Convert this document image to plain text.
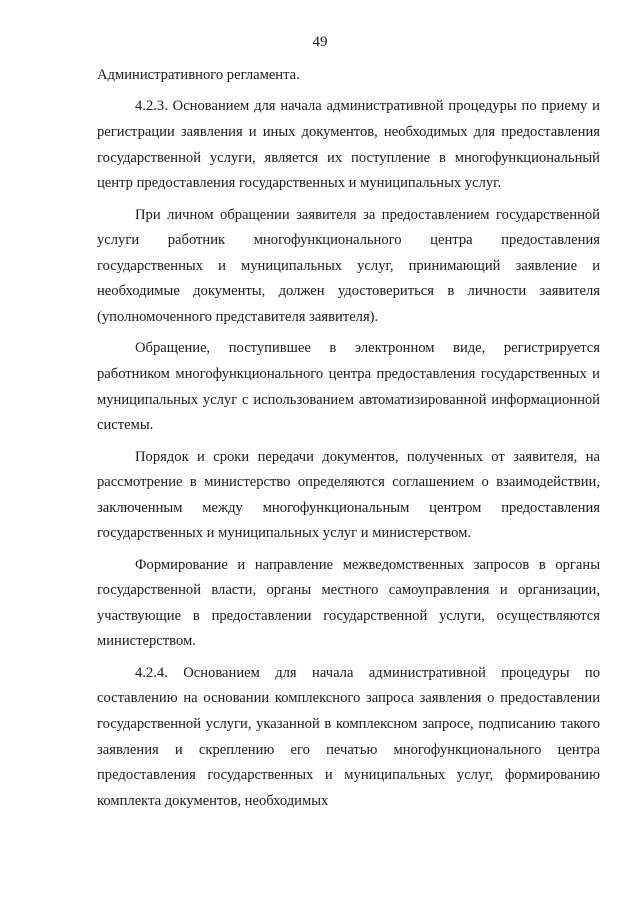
49

Административного регламента.

4.2.3. Основанием для начала административной процедуры по приему и регистрации заявления и иных документов, необходимых для предоставления государственной услуги, является их поступление в многофункциональный центр предоставления государственных и муниципальных услуг.

При личном обращении заявителя за предоставлением государственной услуги работник многофункционального центра предоставления государственных и муниципальных услуг, принимающий заявление и необходимые документы, должен удостовериться в личности заявителя (уполномоченного представителя заявителя).

Обращение, поступившее в электронном виде, регистрируется работником многофункционального центра предоставления государственных и муниципальных услуг с использованием автоматизированной информационной системы.

Порядок и сроки передачи документов, полученных от заявителя, на рассмотрение в министерство определяются соглашением о взаимодействии, заключенным между многофункциональным центром предоставления государственных и муниципальных услуг и министерством.

Формирование и направление межведомственных запросов в органы государственной власти, органы местного самоуправления и организации, участвующие в предоставлении государственной услуги, осуществляются министерством.

4.2.4. Основанием для начала административной процедуры по составлению на основании комплексного запроса заявления о предоставлении государственной услуги, указанной в комплексном запросе, подписанию такого заявления и скреплению его печатью многофункционального центра предоставления государственных и муниципальных услуг, формированию комплекта документов, необходимых
